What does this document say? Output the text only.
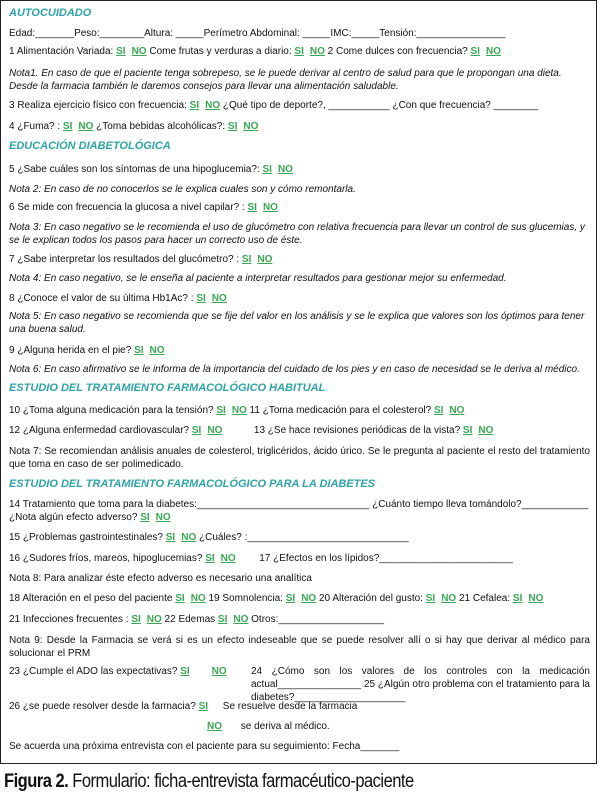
AUTOCUIDADO
Edad:_______Peso:________Altura: _____Perímetro Abdominal: _____IMC:_____Tensión:________________
1 Alimentación Variada: SI NO Come frutas y verduras a diario: SI NO 2 Come dulces con frecuencia? SI NO
Nota1. En caso de que el paciente tenga sobrepeso, se le puede derivar al centro de salud para que le propongan una dieta. Desde la farmacia también le daremos consejos para llevar una alimentación saludable.
3 Realiza ejercicio físico con frecuencia: SI NO ¿Qué tipo de deporte?, ___________ ¿Con que frecuencia? ________
4 ¿Fuma? : SI NO ¿Toma bebidas alcohólicas?: SI NO
EDUCACIÓN DIABETOLÓGICA
5 ¿Sabe cuáles son los síntomas de una hipoglucemia?: SI NO
Nota 2: En caso de no conocerlos se le explica cuales son y cómo remontarla.
6 Se mide con frecuencia la glucosa a nivel capilar? : SI NO
Nota 3: En caso negativo se le recomienda el uso de glucómetro con relativa frecuencia para llevar un control de sus glucemias, y se le explican todos los pasos para hacer un correcto uso de éste.
7 ¿Sabe interpretar los resultados del glucómetro? : SI NO
Nota 4: En caso negativo, se le enseña al paciente a interpretar resultados para gestionar mejor su enfermedad.
8 ¿Conoce el valor de su última Hb1Ac? : SI NO
Nota 5: En caso negativo se recomienda que se fije del valor en los análisis y se le explica que valores son los óptimos para tener una buena salud.
9 ¿Alguna herida en el pie? SI NO
Nota 6: En caso afirmativo se le informa de la importancia del cuidado de los pies y en caso de necesidad se le deriva al médico.
ESTUDIO DEL TRATAMIENTO FARMACOLÓGICO HABITUAL
10 ¿Toma alguna medicación para la tensión? SI NO 11 ¿Toma medicación para el colesterol? SI NO
12 ¿Alguna enfermedad cardiovascular? SI NO	13 ¿Se hace revisiones periódicas de la vista? SI NO
Nota 7: Se recomiendan análisis anuales de colesterol, triglicéridos, ácido úrico. Se le pregunta al paciente el resto del tratamiento que toma en caso de ser polimedicado.
ESTUDIO DEL TRATAMIENTO FARMACOLÓGICO PARA LA DIABETES
14 Tratamiento que toma para la diabetes:_______________________________ ¿Cuánto tiempo lleva tomándolo?____________
¿Nota algún efecto adverso? SI NO
15 ¿Problemas gastrointestinales? SI NO ¿Cuáles? :_____________________________
16 ¿Sudores fríos, mareos, hipoglucemias? SI NO 17 ¿Efectos en los lípidos?________________________
Nota 8: Para analizar éste efecto adverso es necesario una analítica
18 Alteración en el peso del paciente SI NO 19 Somnolencia: SI NO 20 Alteración del gusto: SI NO 21 Cefalea: SI NO
21 Infecciones frecuentes : SI NO 22 Edemas SI NO Otros:___________________
Nota 9: Desde la Farmacia se verá si es un efecto indeseable que se puede resolver allí o si hay que derivar al médico para solucionar el PRM
23 ¿Cumple el ADO las expectativas? SI NO	24 ¿Cómo son los valores de los controles con la medicación actual_______________ 25 ¿Algún otro problema con el tratamiento para la diabetes?____________________
26 ¿se puede resolver desde la farmacia? SI Se resuelve desde la farmacia
NO se deriva al médico.
Se acuerda una próxima entrevista con el paciente para su seguimiento: Fecha_______
Figura 2. Formulario: ficha-entrevista farmacéutico-paciente
